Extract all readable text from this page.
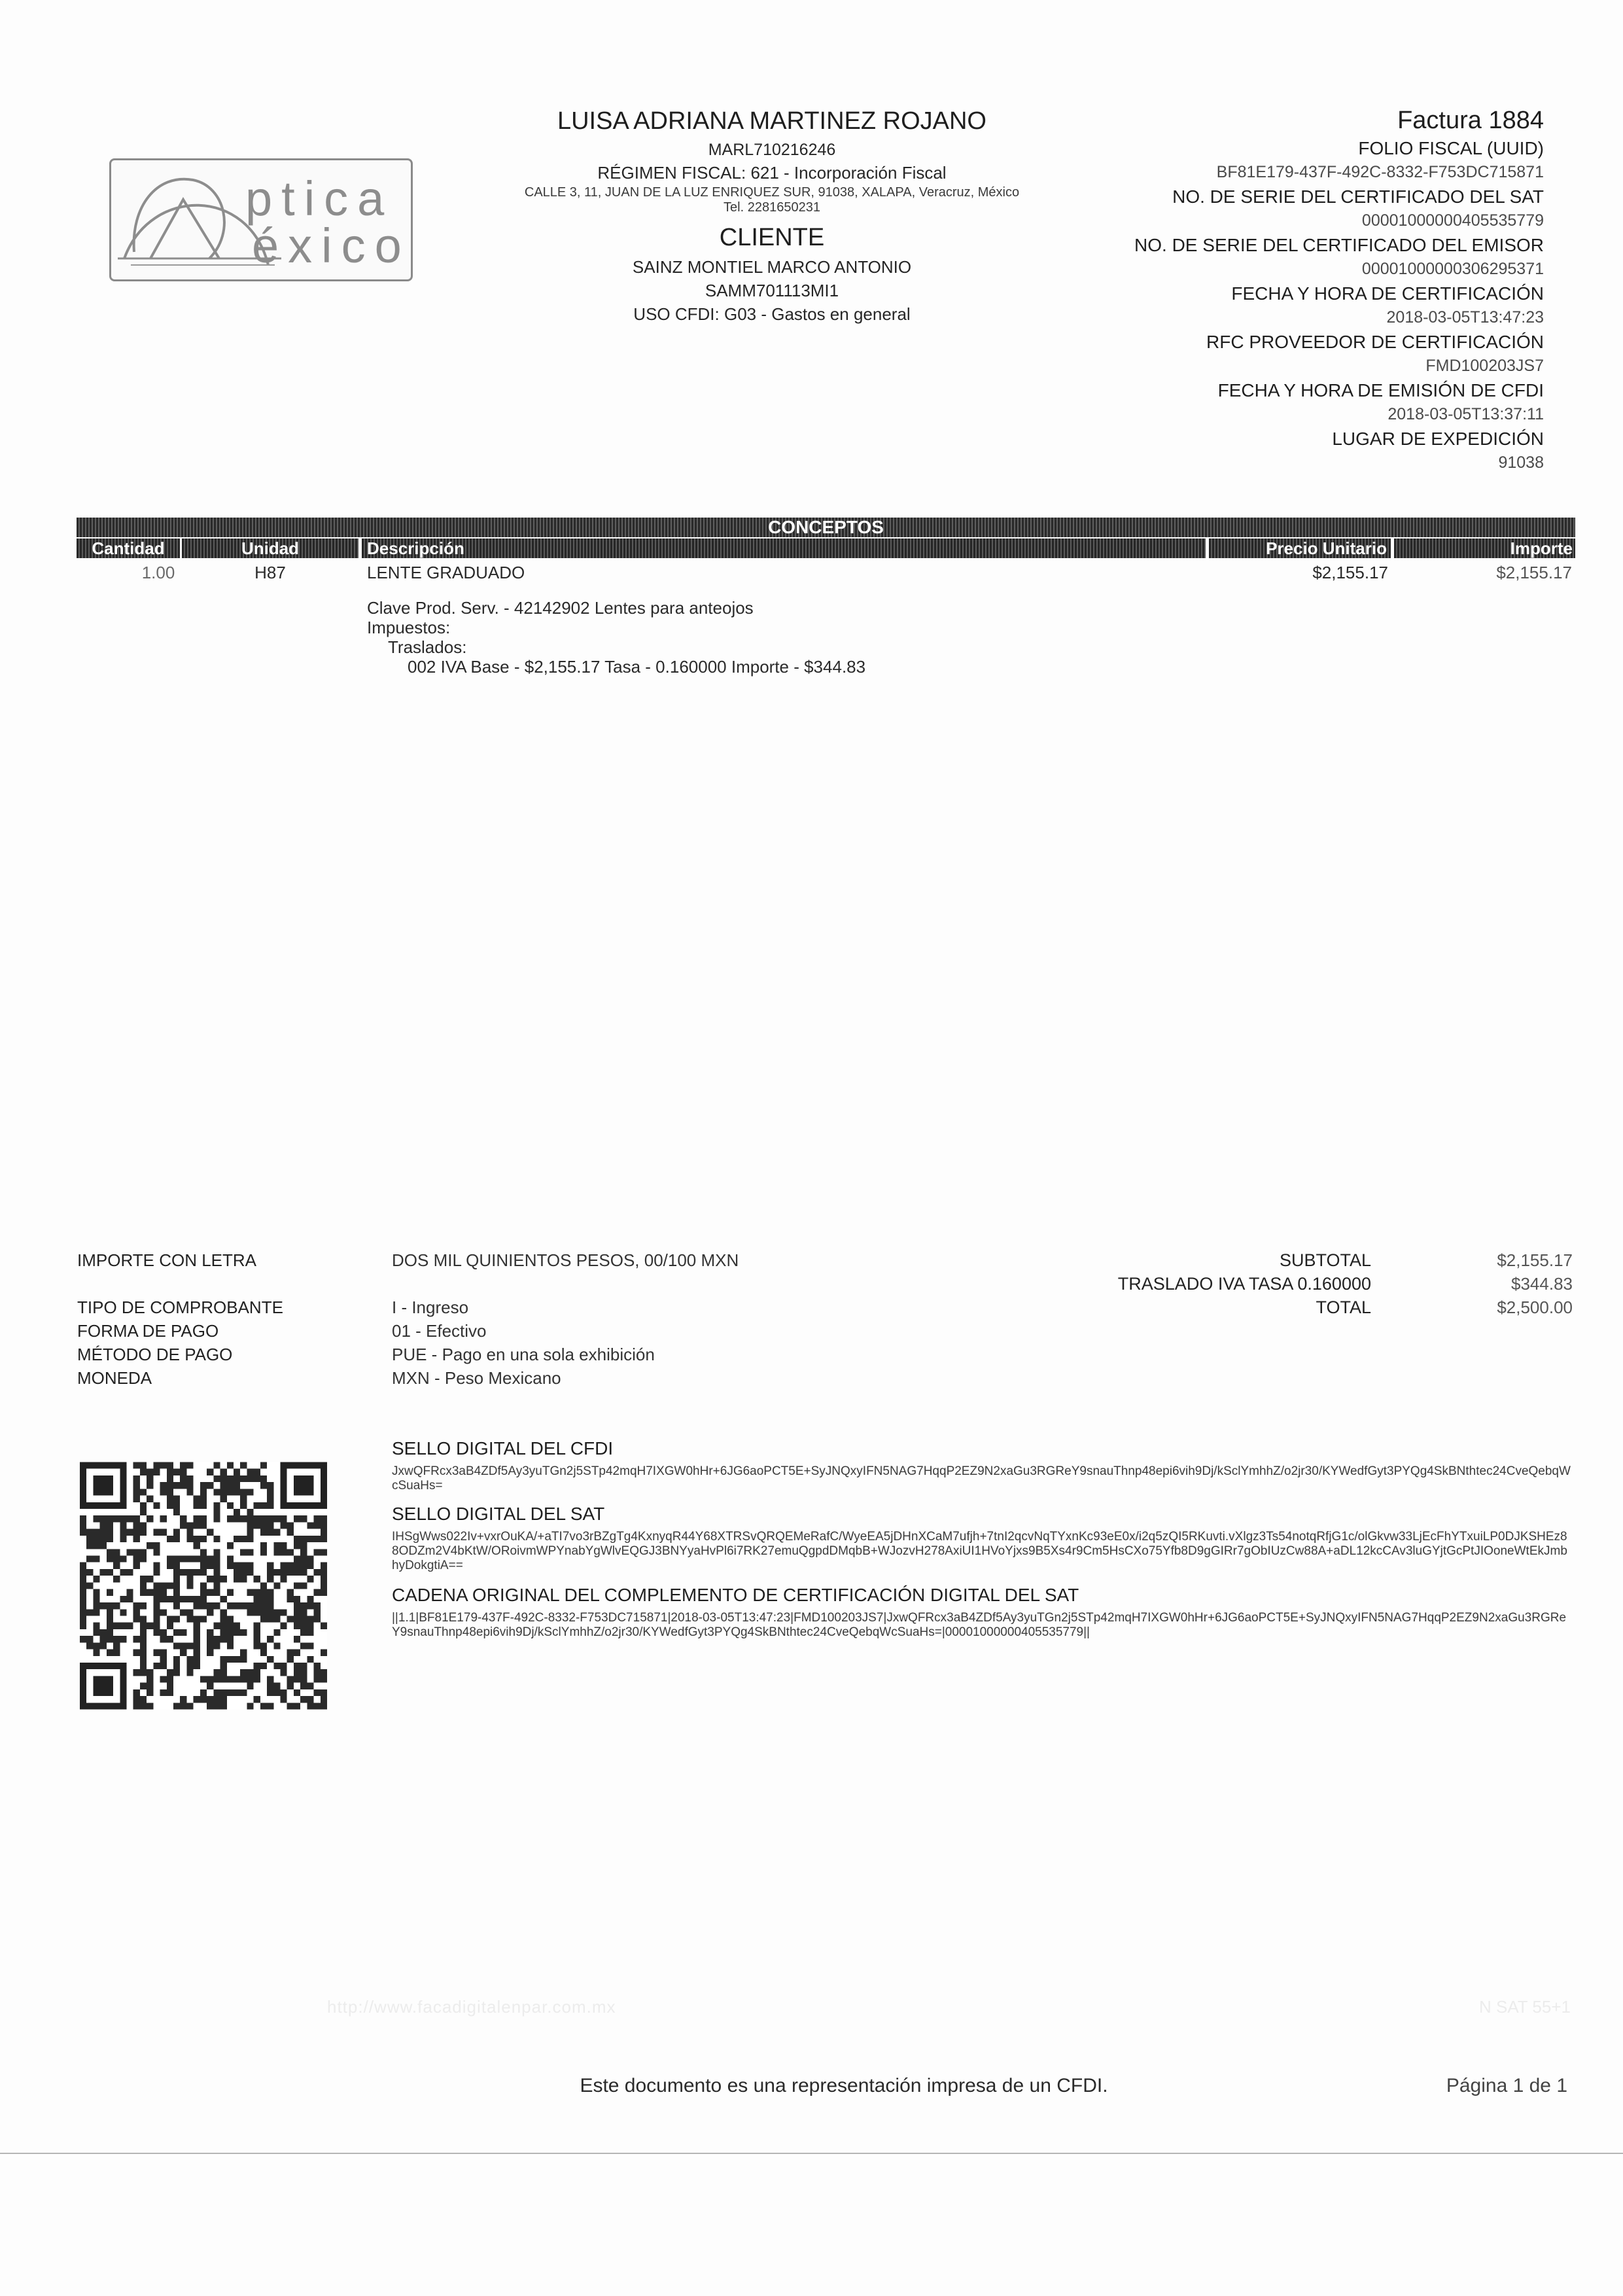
ptica
éxico
LUISA ADRIANA MARTINEZ ROJANO
MARL710216246
RÉGIMEN FISCAL: 621 - Incorporación Fiscal
CALLE 3, 11, JUAN DE LA LUZ ENRIQUEZ SUR, 91038, XALAPA, Veracruz, México
Tel. 2281650231
CLIENTE
SAINZ MONTIEL MARCO ANTONIO
SAMM701113MI1
USO CFDI: G03 - Gastos en general
Factura 1884
FOLIO FISCAL (UUID)
BF81E179-437F-492C-8332-F753DC715871
NO. DE SERIE DEL CERTIFICADO DEL SAT
00001000000405535779
NO. DE SERIE DEL CERTIFICADO DEL EMISOR
00001000000306295371
FECHA Y HORA DE CERTIFICACIÓN
2018-03-05T13:47:23
RFC PROVEEDOR DE CERTIFICACIÓN
FMD100203JS7
FECHA Y HORA DE EMISIÓN DE CFDI
2018-03-05T13:37:11
LUGAR DE EXPEDICIÓN
91038
CONCEPTOS
Cantidad	Unidad	Descripción	Precio Unitario	Importe
1.00	H87	LENTE GRADUADO	$2,155.17	$2,155.17
Clave Prod. Serv. - 42142902 Lentes para anteojos
Impuestos:
Traslados:
002 IVA Base - $2,155.17 Tasa - 0.160000 Importe - $344.83
IMPORTE CON LETRA	DOS MIL QUINIENTOS PESOS, 00/100 MXN
TIPO DE COMPROBANTE	I - Ingreso
FORMA DE PAGO	01 - Efectivo
MÉTODO DE PAGO	PUE - Pago en una sola exhibición
MONEDA	MXN - Peso Mexicano
SUBTOTAL	$2,155.17
TRASLADO IVA TASA 0.160000	$344.83
TOTAL	$2,500.00
SELLO DIGITAL DEL CFDI
JxwQFRcx3aB4ZDf5Ay3yuTGn2j5STp42mqH7IXGW0hHr+6JG6aoPCT5E+SyJNQxyIFN5NAG7HqqP2EZ9N2xaGu3RGReY9snauThnp48epi6vih9Dj/kSclYmhhZ/o2jr30/KYWedfGyt3PYQg4SkBNthtec24CveQebqWcSuaHs=
SELLO DIGITAL DEL SAT
IHSgWws022Iv+vxrOuKA/+aTI7vo3rBZgTg4KxnyqR44Y68XTRSvQRQEMeRafC/WyeEA5jDHnXCaM7ufjh+7tnI2qcvNqTYxnKc93eE0x/i2q5zQI5RKuvti.vXlgz3Ts54notqRfjG1c/olGkvw33LjEcFhYTxuiLP0DJKSHEz88ODZm2V4bKtW/ORoivmWPYnabYgWlvEQGJ3BNYyaHvPl6i7RK27emuQgpdDMqbB+WJozvH278AxiUI1HVoYjxs9B5Xs4r9Cm5HsCXo75Yfb8D9gGIRr7gObIUzCw88A+aDL12kcCAv3luGYjtGcPtJIOoneWtEkJmbhyDokgtiA==
CADENA ORIGINAL DEL COMPLEMENTO DE CERTIFICACIÓN DIGITAL DEL SAT
||1.1|BF81E179-437F-492C-8332-F753DC715871|2018-03-05T13:47:23|FMD100203JS7|JxwQFRcx3aB4ZDf5Ay3yuTGn2j5STp42mqH7IXGW0hHr+6JG6aoPCT5E+SyJNQxyIFN5NAG7HqqP2EZ9N2xaGu3RGReY9snauThnp48epi6vih9Dj/kSclYmhhZ/o2jr30/KYWedfGyt3PYQg4SkBNthtec24CveQebqWcSuaHs=|00001000000405535779||
http://www.facadigitalenpar.com.mx	N SAT 55+1
Este documento es una representación impresa de un CFDI.	Página 1 de 1
